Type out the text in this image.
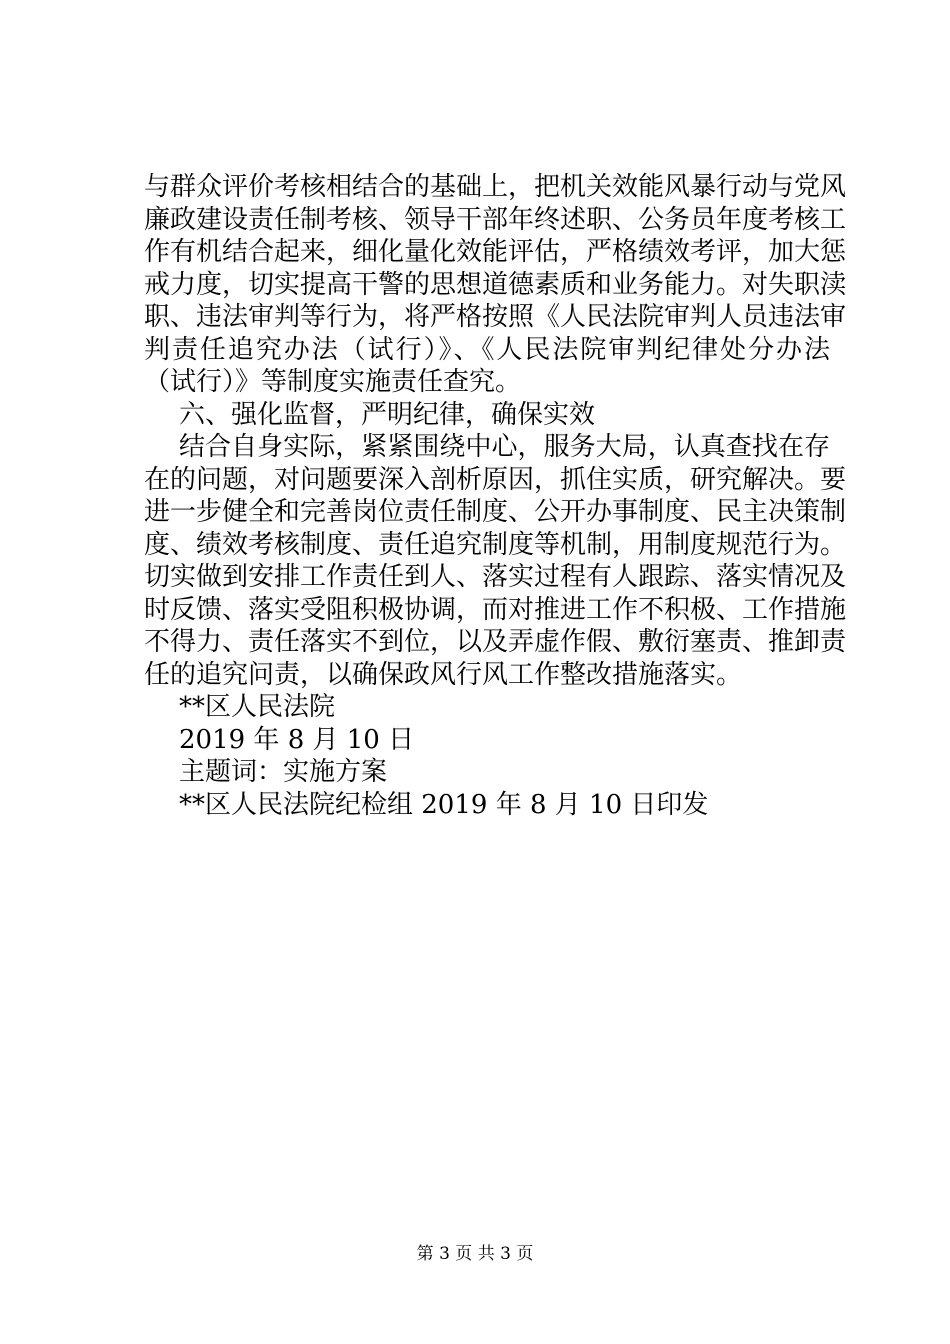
与群众评价考核相结合的基础上，把机关效能风暴行动与党风
廉政建设责任制考核、领导干部年终述职、公务员年度考核工
作有机结合起来，细化量化效能评估，严格绩效考评，加大惩
戒力度，切实提高干警的思想道德素质和业务能力。对失职渎
职、违法审判等行为，将严格按照《人民法院审判人员违法审
判责任追究办法（试行）》、《人民法院审判纪律处分办法
（试行）》等制度实施责任查究。
六、强化监督，严明纪律，确保实效
结合自身实际，紧紧围绕中心，服务大局，认真查找在存
在的问题，对问题要深入剖析原因，抓住实质，研究解决。要
进一步健全和完善岗位责任制度、公开办事制度、民主决策制
度、绩效考核制度、责任追究制度等机制，用制度规范行为。
切实做到安排工作责任到人、落实过程有人跟踪、落实情况及
时反馈、落实受阻积极协调，而对推进工作不积极、工作措施
不得力、责任落实不到位，以及弄虚作假、敷衍塞责、推卸责
任的追究问责，以确保政风行风工作整改措施落实。
**区人民法院
2019 年 8 月 10 日
主题词：实施方案
**区人民法院纪检组 2019 年 8 月 10 日印发
第 3 页 共 3 页
